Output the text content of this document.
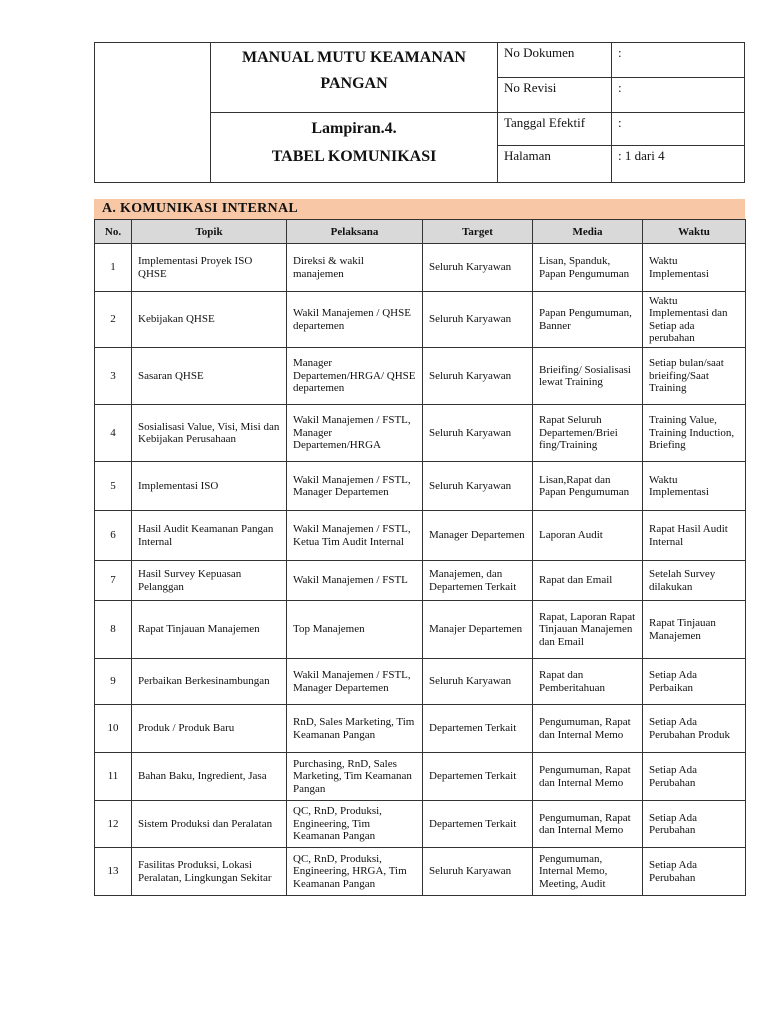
	MANUAL MUTU KEAMANAN
PANGAN	No Dokumen	:
		No Revisi	:

	Lampiran.4.
TABEL KOMUNIKASI	Tanggal Efektif	:
		Halaman	: 1 dari 4
A. KOMUNIKASI INTERNAL
No.	Topik	Pelaksana	Target	Media	Waktu
1	Implementasi Proyek ISO QHSE	Direksi & wakil manajemen	Seluruh Karyawan	Lisan, Spanduk, Papan Pengumuman	Waktu Implementasi
2	Kebijakan QHSE	Wakil Manajemen / QHSE departemen	Seluruh Karyawan	Papan Pengumuman, Banner	Waktu Implementasi dan Setiap ada perubahan
3	Sasaran QHSE	Manager Departemen/HRGA/ QHSE departemen	Seluruh Karyawan	Brieifing/ Sosialisasi lewat Training	Setiap bulan/saat brieifing/Saat Training
4	Sosialisasi Value, Visi, Misi dan Kebijakan Perusahaan	Wakil Manajemen / FSTL, Manager Departemen/HRGA	Seluruh Karyawan	Rapat Seluruh Departemen/Briei fing/Training	Training Value, Training Induction, Briefing
5	Implementasi ISO	Wakil Manajemen / FSTL, Manager Departemen	Seluruh Karyawan	Lisan,Rapat dan Papan Pengumuman	Waktu Implementasi
6	Hasil Audit Keamanan Pangan Internal	Wakil Manajemen / FSTL, Ketua Tim Audit Internal	Manager Departemen	Laporan Audit	Rapat Hasil Audit Internal
7	Hasil Survey Kepuasan Pelanggan	Wakil Manajemen / FSTL	Manajemen, dan Departemen Terkait	Rapat dan Email	Setelah Survey dilakukan
8	Rapat Tinjauan Manajemen	Top Manajemen	Manajer Departemen	Rapat, Laporan Rapat Tinjauan Manajemen dan Email	Rapat Tinjauan Manajemen
9	Perbaikan Berkesinambungan	Wakil Manajemen / FSTL, Manager Departemen	Seluruh Karyawan	Rapat dan Pemberitahuan	Setiap Ada Perbaikan
10	Produk / Produk Baru	RnD, Sales Marketing, Tim Keamanan Pangan	Departemen Terkait	Pengumuman, Rapat dan Internal Memo	Setiap Ada Perubahan Produk
11	Bahan Baku, Ingredient, Jasa	Purchasing, RnD, Sales Marketing, Tim Keamanan Pangan	Departemen Terkait	Pengumuman, Rapat dan Internal Memo	Setiap Ada Perubahan
12	Sistem Produksi dan Peralatan	QC, RnD, Produksi, Engineering, Tim Keamanan Pangan	Departemen Terkait	Pengumuman, Rapat dan Internal Memo	Setiap Ada Perubahan
13	Fasilitas Produksi, Lokasi Peralatan, Lingkungan Sekitar	QC, RnD, Produksi, Engineering, HRGA, Tim Keamanan Pangan	Seluruh Karyawan	Pengumuman, Internal Memo, Meeting, Audit	Setiap Ada Perubahan
